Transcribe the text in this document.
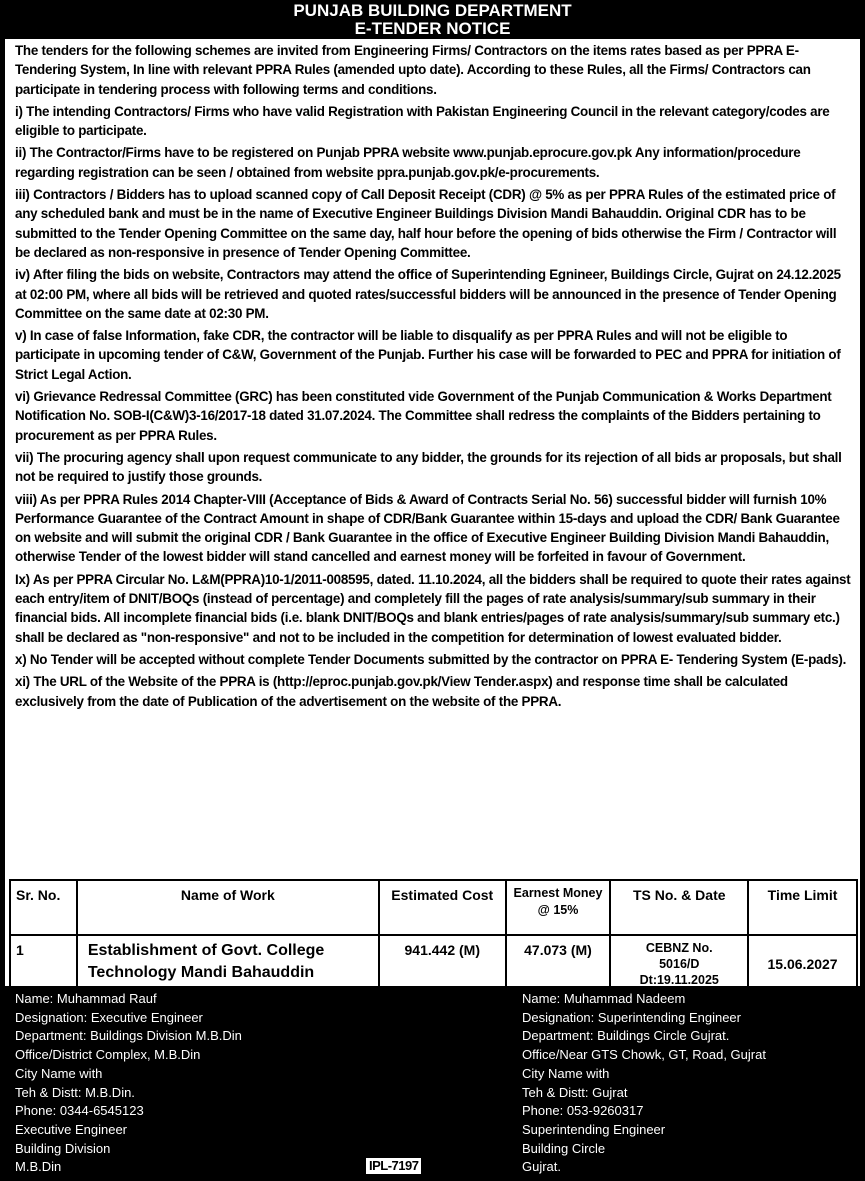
PUNJAB BUILDING DEPARTMENT
E-TENDER NOTICE
The tenders for the following schemes are invited from Engineering Firms/ Contractors on the items rates based as per PPRA E-Tendering System, In line with relevant PPRA Rules (amended upto date). According to these Rules, all the Firms/ Contractors can participate in tendering process with following terms and conditions.
i) The intending Contractors/ Firms who have valid Registration with Pakistan Engineering Council in the relevant category/codes are eligible to participate.
ii) The Contractor/Firms have to be registered on Punjab PPRA website www.punjab.eprocure.gov.pk Any information/procedure regarding registration can be seen / obtained from website ppra.punjab.gov.pk/e-procurements.
iii) Contractors / Bidders has to upload scanned copy of Call Deposit Receipt (CDR) @ 5% as per PPRA Rules of the estimated price of any scheduled bank and must be in the name of Executive Engineer Buildings Division Mandi Bahauddin. Original CDR has to be submitted to the Tender Opening Committee on the same day, half hour before the opening of bids otherwise the Firm / Contractor will be declared as non-responsive in presence of Tender Opening Committee.
iv) After filing the bids on website, Contractors may attend the office of Superintending Egnineer, Buildings Circle, Gujrat on 24.12.2025 at 02:00 PM, where all bids will be retrieved and quoted rates/successful bidders will be announced in the presence of Tender Opening Committee on the same date at 02:30 PM.
v) In case of false Information, fake CDR, the contractor will be liable to disqualify as per PPRA Rules and will not be eligible to participate in upcoming tender of C&W, Government of the Punjab. Further his case will be forwarded to PEC and PPRA for initiation of Strict Legal Action.
vi) Grievance Redressal Committee (GRC) has been constituted vide Government of the Punjab Communication & Works Department Notification No. SOB-I(C&W)3-16/2017-18 dated 31.07.2024. The Committee shall redress the complaints of the Bidders pertaining to procurement as per PPRA Rules.
vii) The procuring agency shall upon request communicate to any bidder, the grounds for its rejection of all bids ar proposals, but shall not be required to justify those grounds.
viii) As per PPRA Rules 2014 Chapter-VIII (Acceptance of Bids & Award of Contracts Serial No. 56) successful bidder will furnish 10% Performance Guarantee of the Contract Amount in shape of CDR/Bank Guarantee within 15-days and upload the CDR/ Bank Guarantee on website and will submit the original CDR / Bank Guarantee in the office of Executive Engineer Building Division Mandi Bahauddin, otherwise Tender of the lowest bidder will stand cancelled and earnest money will be forfeited in favour of Government.
Ix) As per PPRA Circular No. L&M(PPRA)10-1/2011-008595, dated. 11.10.2024, all the bidders shall be required to quote their rates against each entry/item of DNIT/BOQs (instead of percentage) and completely fill the pages of rate analysis/summary/sub summary in their financial bids. All incomplete financial bids (i.e. blank DNIT/BOQs and blank entries/pages of rate analysis/summary/sub summary etc.) shall be declared as "non-responsive" and not to be included in the competition for determination of lowest evaluated bidder.
x) No Tender will be accepted without complete Tender Documents submitted by the contractor on PPRA E- Tendering System (E-pads).
xi) The URL of the Website of the PPRA is (http://eproc.punjab.gov.pk/View Tender.aspx) and response time shall be calculated exclusively from the date of Publication of the advertisement on the website of the PPRA.
Sr. No.	Name of Work	Estimated Cost	Earnest Money @ 15%	TS No. & Date	Time Limit
1	Establishment of Govt. College Technology Mandi Bahauddin	941.442 (M)	47.073 (M)	CEBNZ No.
5016/D
Dt:19.11.2025	15.06.2027
Name: Muhammad Rauf
Designation: Executive Engineer
Department: Buildings Division M.B.Din
Office/District Complex, M.B.Din
City Name with
Teh & Distt: M.B.Din.
Phone: 0344-6545123
Executive Engineer
Building Division
M.B.Din
Name: Muhammad Nadeem
Designation: Superintending Engineer
Department: Buildings Circle Gujrat.
Office/Near GTS Chowk, GT, Road, Gujrat
City Name with
Teh & Distt: Gujrat
Phone: 053-9260317
Superintending Engineer
Building Circle
Gujrat.
IPL-7197
